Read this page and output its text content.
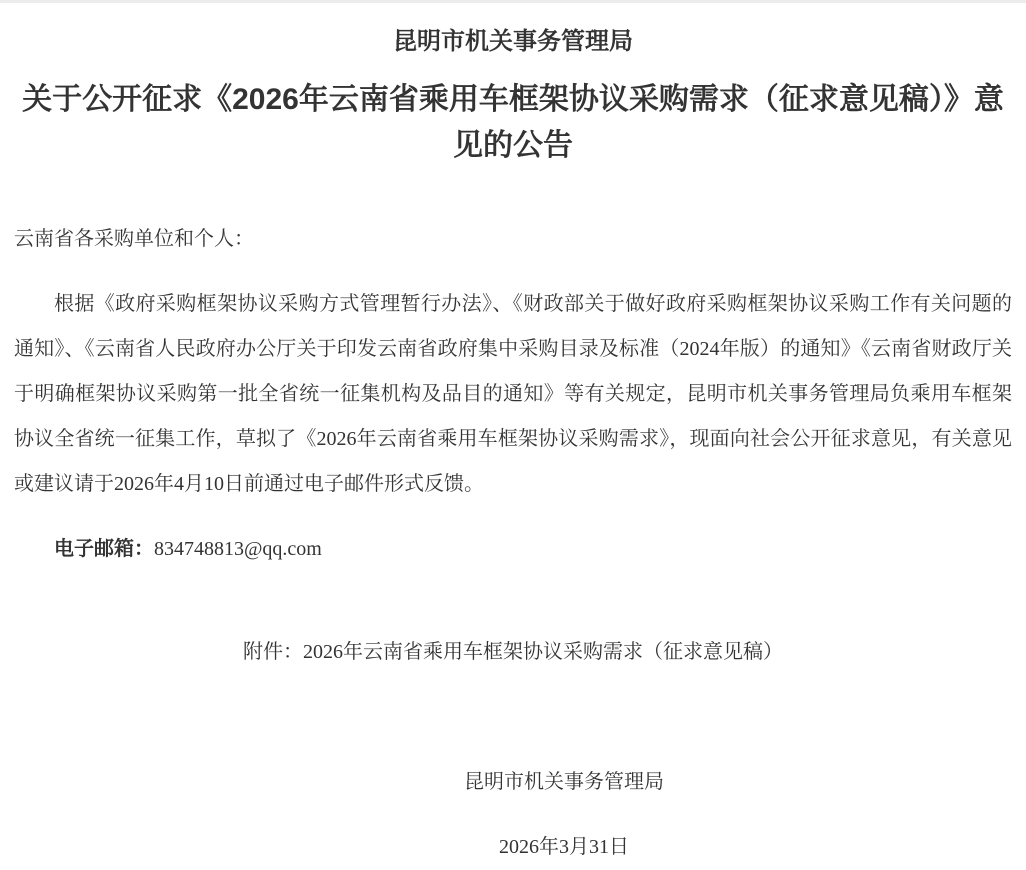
昆明市机关事务管理局
关于公开征求《2026年云南省乘用车框架协议采购需求（征求意见稿）》意见的公告

云南省各采购单位和个人：

根据《政府采购框架协议采购方式管理暂行办法》、《财政部关于做好政府采购框架协议采购工作有关问题的通知》、《云南省人民政府办公厅关于印发云南省政府集中采购目录及标准（2024年版）的通知》《云南省财政厅关于明确框架协议采购第一批全省统一征集机构及品目的通知》等有关规定，昆明市机关事务管理局负乘用车框架协议全省统一征集工作，草拟了《2026年云南省乘用车框架协议采购需求》，现面向社会公开征求意见，有关意见或建议请于2026年4月10日前通过电子邮件形式反馈。

电子邮箱：834748813@qq.com

附件：2026年云南省乘用车框架协议采购需求（征求意见稿）

昆明市机关事务管理局

2026年3月31日
